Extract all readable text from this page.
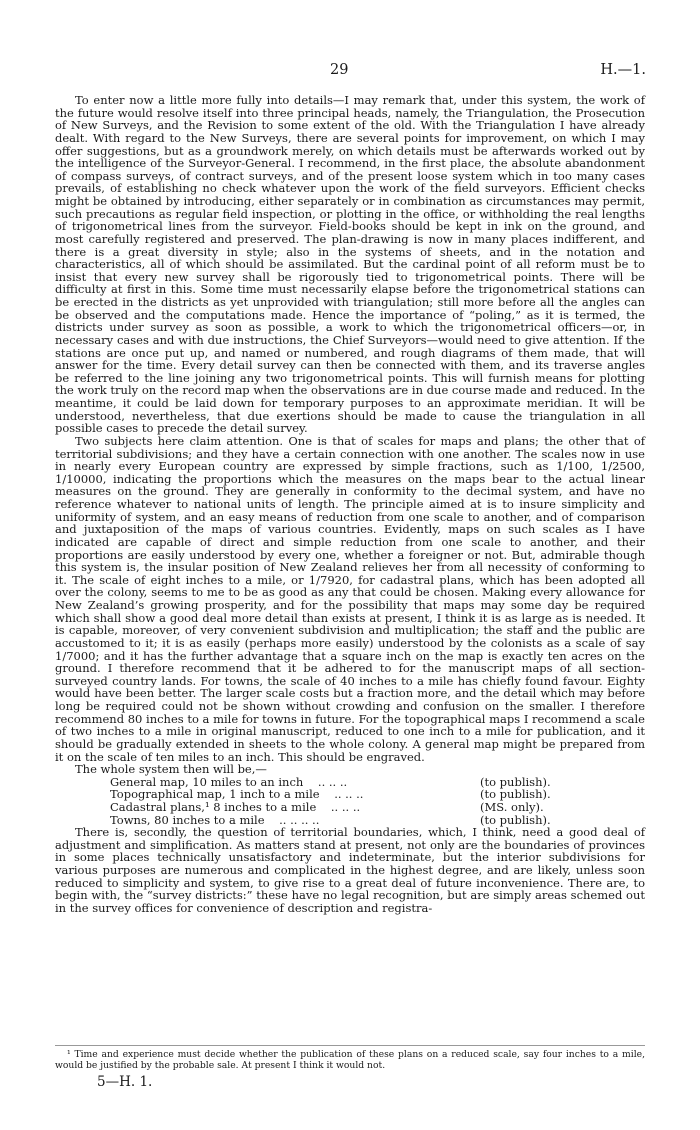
29	H.—1.

To enter now a little more fully into details—I may remark that, under this system, the work of the future would resolve itself into three principal heads, namely, the Triangulation, the Prosecution of New Surveys, and the Revision to some extent of the old. With the Triangulation I have already dealt. With regard to the New Surveys, there are several points for improvement, on which I may offer suggestions, but as a groundwork merely, on which details must be afterwards worked out by the intelligence of the Surveyor-General. I recommend, in the first place, the absolute abandonment of compass surveys, of contract surveys, and of the present loose system which in too many cases prevails, of establishing no check whatever upon the work of the field surveyors. Efficient checks might be obtained by introducing, either separately or in combination as circumstances may permit, such precautions as regular field inspection, or plotting in the office, or withholding the real lengths of trigonometrical lines from the surveyor. Field-books should be kept in ink on the ground, and most carefully registered and preserved. The plan-drawing is now in many places indifferent, and there is a great diversity in style; also in the systems of sheets, and in the notation and characteristics, all of which should be assimilated. But the cardinal point of all reform must be to insist that every new survey shall be rigorously tied to trigonometrical points. There will be difficulty at first in this. Some time must necessarily elapse before the trigonometrical stations can be erected in the districts as yet unprovided with triangulation; still more before all the angles can be observed and the computations made. Hence the importance of “poling,” as it is termed, the districts under survey as soon as possible, a work to which the trigonometrical officers—or, in necessary cases and with due instructions, the Chief Surveyors—would need to give attention. If the stations are once put up, and named or numbered, and rough diagrams of them made, that will answer for the time. Every detail survey can then be connected with them, and its traverse angles be referred to the line joining any two trigonometrical points. This will furnish means for plotting the work truly on the record map when the observations are in due course made and reduced. In the meantime, it could be laid down for temporary purposes to an approximate meridian. It will be understood, nevertheless, that due exertions should be made to cause the triangulation in all possible cases to precede the detail survey.

Two subjects here claim attention. One is that of scales for maps and plans; the other that of territorial subdivisions; and they have a certain connection with one another. The scales now in use in nearly every European country are expressed by simple fractions, such as 1/100, 1/2500, 1/10000, indicating the proportions which the measures on the maps bear to the actual linear measures on the ground. They are generally in conformity to the decimal system, and have no reference whatever to national units of length. The principle aimed at is to insure simplicity and uniformity of system, and an easy means of reduction from one scale to another, and of comparison and juxtaposition of the maps of various countries. Evidently, maps on such scales as I have indicated are capable of direct and simple reduction from one scale to another, and their proportions are easily understood by every one, whether a foreigner or not. But, admirable though this system is, the insular position of New Zealand relieves her from all necessity of conforming to it. The scale of eight inches to a mile, or 1/7920, for cadastral plans, which has been adopted all over the colony, seems to me to be as good as any that could be chosen. Making every allowance for New Zealand’s growing prosperity, and for the possibility that maps may some day be required which shall show a good deal more detail than exists at present, I think it is as large as is needed. It is capable, moreover, of very convenient subdivision and multiplication; the staff and the public are accustomed to it; it is as easily (perhaps more easily) understood by the colonists as a scale of say 1/7000; and it has the further advantage that a square inch on the map is exactly ten acres on the ground. I therefore recommend that it be adhered to for the manuscript maps of all section-surveyed country lands. For towns, the scale of 40 inches to a mile has chiefly found favour. Eighty would have been better. The larger scale costs but a fraction more, and the detail which may before long be required could not be shown without crowding and confusion on the smaller. I therefore recommend 80 inches to a mile for towns in future. For the topographical maps I recommend a scale of two inches to a mile in original manuscript, reduced to one inch to a mile for publication, and it should be gradually extended in sheets to the whole colony. A general map might be prepared from it on the scale of ten miles to an inch. This should be engraved.

The whole system then will be,—

General map, 10 miles to an inch .. .. ..	(to publish).
Topographical map, 1 inch to a mile .. .. ..	(to publish).
Cadastral plans,¹ 8 inches to a mile .. .. ..	(MS. only).
Towns, 80 inches to a mile .. .. .. ..	(to publish).

There is, secondly, the question of territorial boundaries, which, I think, need a good deal of adjustment and simplification. As matters stand at present, not only are the boundaries of provinces in some places technically unsatisfactory and indeterminate, but the interior subdivisions for various purposes are numerous and complicated in the highest degree, and are likely, unless soon reduced to simplicity and system, to give rise to a great deal of future inconvenience. There are, to begin with, the “survey districts:” these have no legal recognition, but are simply areas schemed out in the survey offices for convenience of description and registra-

¹ Time and experience must decide whether the publication of these plans on a reduced scale, say four inches to a mile, would be justified by the probable sale. At present I think it would not.
5—H. 1.
